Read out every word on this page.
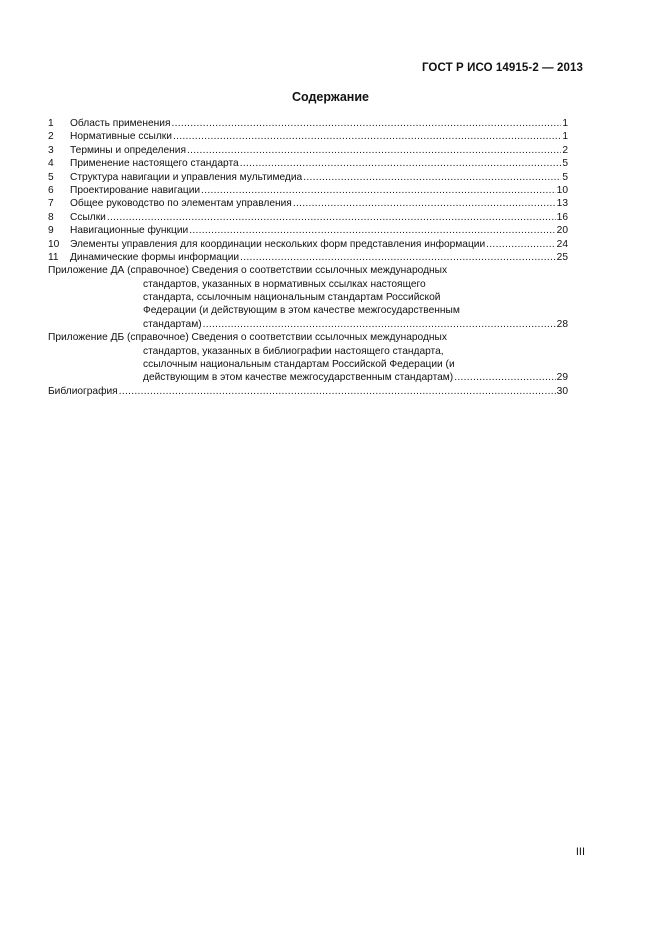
ГОСТ Р ИСО 14915-2 — 2013
Содержание
1	Область применения .....	1
2	Нормативные ссылки .....	1
3	Термины и определения .....	2
4	Применение настоящего стандарта .....	5
5	Структура навигации и управления мультимедиа .....	5
6	Проектирование навигации .....	10
7	Общее руководство по элементам управления .....	13
8	Ссылки .....	16
9	Навигационные функции .....	20
10	Элементы управления для координации нескольких форм представления информации .....	24
11	Динамические формы информации .....	25
Приложение ДА (справочное) Сведения о соответствии ссылочных международных
стандартов, указанных в нормативных ссылках настоящего
стандарта, ссылочным национальным стандартам Российской
Федерации (и действующим в этом качестве межгосударственным
стандартам) .....	28
Приложение ДБ (справочное) Сведения о соответствии ссылочных международных
стандартов, указанных в библиографии настоящего стандарта,
ссылочным национальным стандартам Российской Федерации (и
действующим в этом качестве межгосударственным стандартам) .....	29
Библиография .....	30
III
